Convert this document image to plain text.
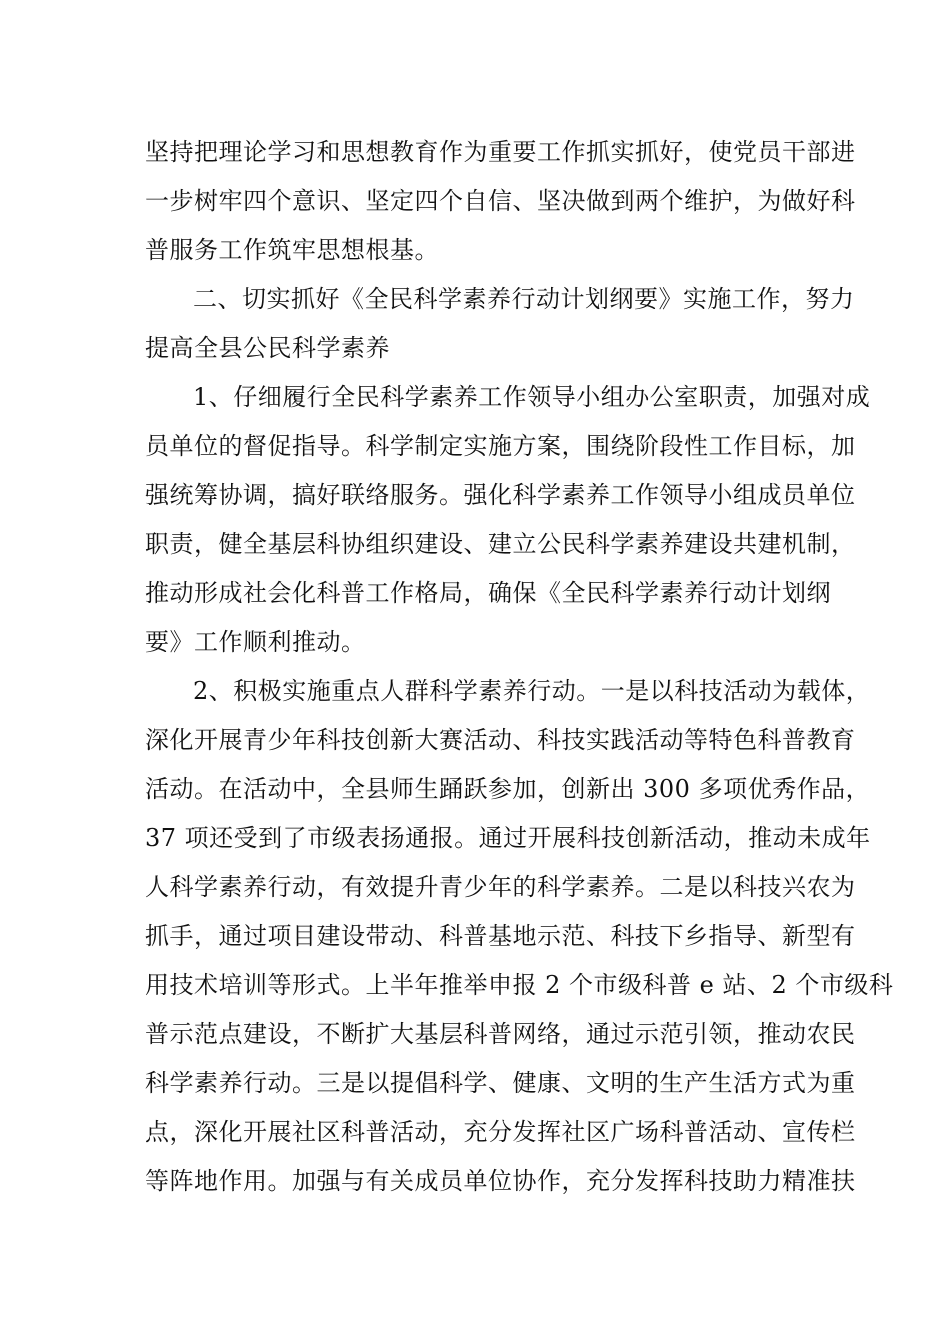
坚持把理论学习和思想教育作为重要工作抓实抓好，使党员干部进
一步树牢四个意识、坚定四个自信、坚决做到两个维护，为做好科
普服务工作筑牢思想根基。
二、切实抓好《全民科学素养行动计划纲要》实施工作，努力
提高全县公民科学素养
1、仔细履行全民科学素养工作领导小组办公室职责，加强对成
员单位的督促指导。科学制定实施方案，围绕阶段性工作目标，加
强统筹协调，搞好联络服务。强化科学素养工作领导小组成员单位
职责，健全基层科协组织建设、建立公民科学素养建设共建机制，
推动形成社会化科普工作格局，确保《全民科学素养行动计划纲
要》工作顺利推动。
2、积极实施重点人群科学素养行动。一是以科技活动为载体，
深化开展青少年科技创新大赛活动、科技实践活动等特色科普教育
活动。在活动中，全县师生踊跃参加，创新出 300 多项优秀作品，
37 项还受到了市级表扬通报。通过开展科技创新活动，推动未成年
人科学素养行动，有效提升青少年的科学素养。二是以科技兴农为
抓手，通过项目建设带动、科普基地示范、科技下乡指导、新型有
用技术培训等形式。上半年推举申报 2 个市级科普 e 站、2 个市级科
普示范点建设，不断扩大基层科普网络，通过示范引领，推动农民
科学素养行动。三是以提倡科学、健康、文明的生产生活方式为重
点，深化开展社区科普活动，充分发挥社区广场科普活动、宣传栏
等阵地作用。加强与有关成员单位协作，充分发挥科技助力精准扶
